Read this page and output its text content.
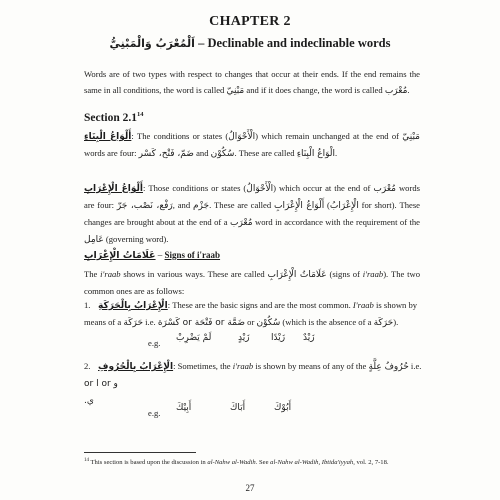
CHAPTER 2
اَلْمُعْرَبُ وَالْمَبْنِيُّ – Declinable and indeclinable words
Words are of two types with respect to changes that occur at their ends. If the end remains the same in all conditions, the word is called مَبْنِيّ and if it does change, the word is called مُعْرَب.
Section $2.1^{14}$
أَلْوَاعُ الْبِنَاءِ: The conditions or states (الْأَحْوَالُ) which remain unchanged at the end of مَبْنِيّ words are four: ضَمّ، فَتْح، كَسْر and سُكُوْن. These are called الْوَاعُ الْبِنَاءِ.
أَلْوَاعُ الْإِعْرَابِ: Those conditions or states (الْأَحْوَالُ) which occur at the end of مُعْرَب words are four: رَفْع، نَصْب، جَرّ, and جَزْم. These are called أَلْوَاعُ الْإِعْرَابِ (الْإِعْرَابُ for short). These changes are brought about at the end of a مُعْرَب word in accordance with the requirement of the عَامِل (governing word).
عَلَامَاتُ الْإِعْرَابِ – Signs of i'raab
The i'raab shows in various ways. These are called عَلَامَاتُ الْإِعْرَابِ (signs of i'raab). The two common ones are as follows:
1. الْإِعْرَابُ بِالْحَرَكَةِ: These are the basic signs and are the most common. I'raab is shown by means of a حَرَكَة i.e. ضَمَّة or فَتْحَة or كَسْرَة or سُكُوْن (which is the absence of a حَرَكَة).
e.g. لَمْ يَضْرِبْ	زَيْدٍ زَيْدًا زَيْدٌ
2. الْإِعْرَابُ بِالْحُرُوفِ: Sometimes, the i'raab is shown by means of any of the حُرُوفُ عِلَّةٍ i.e. و or ا or
ي.
e.g. أَبِيْكَ	أَبَاكَ	أَبُوْكَ
$^{14}$ This section is based upon the discussion in al-Nahw al-Wadih. See al-Nahw al-Wadih, Ibtida'iyyah, vol. 2, 7-18.
27
